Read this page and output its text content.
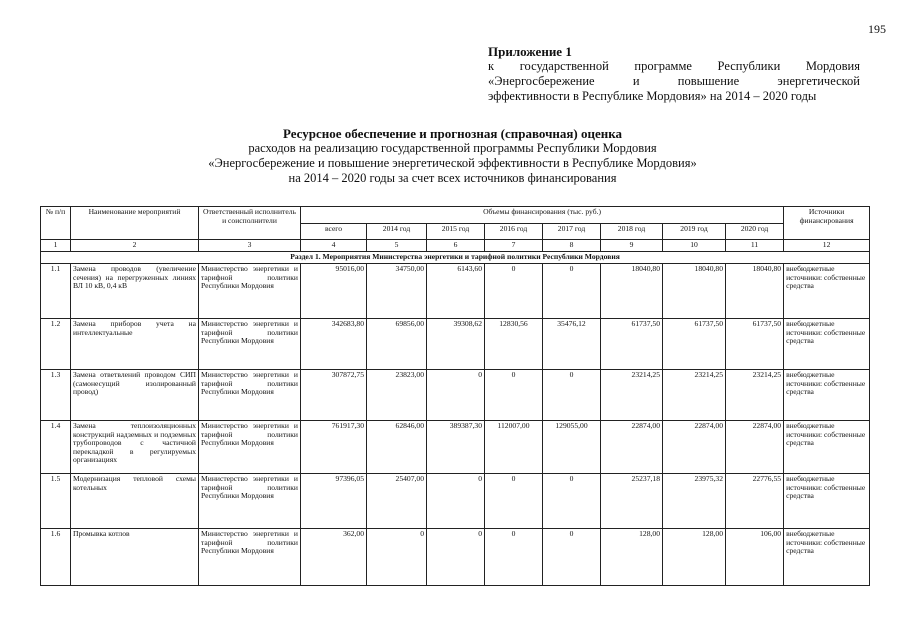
195
Приложение 1
к государственной программе Республики Мордовия
«Энергосбережение и повышение энергетической
эффективности в Республике Мордовия» на 2014 – 2020 годы
Ресурсное обеспечение и прогнозная (справочная) оценка
расходов на реализацию государственной программы Республики Мордовия
«Энергосбережение и повышение энергетической эффективности в Республике Мордовия»
на 2014 – 2020 годы за счет всех источников финансирования
№ п/п	Наименование мероприятий	Ответственный исполнитель и соисполнители	Объемы финансирования (тыс. руб.)								Источники финансирования
			всего	2014 год	2015 год	2016 год	2017 год	2018 год	2019 год	2020 год	
1	2	3	4	5	6	7	8	9	10	11	12
Раздел 1. Мероприятия Министерства энергетики и тарифной политики Республики Мордовия											
1.1	Замена проводов (увеличение сечения) на перегруженных линиях ВЛ 10 кВ, 0,4 кВ	Министерство энергетики и тарифной политики Республики Мордовия	95016,00	34750,00	6143,60	0	0	18040,80	18040,80	18040,80	внебюджетные источники: собственные средства
1.2	Замена приборов учета на интеллектуальные	Министерство энергетики и тарифной политики Республики Мордовия	342683,80	69856,00	39308,62	12830,56	35476,12	61737,50	61737,50	61737,50	внебюджетные источники: собственные средства
1.3	Замена ответвлений проводом СИП (самонесущий изолированный провод)	Министерство энергетики и тарифной политики Республики Мордовия	307872,75	23823,00	0	0	0	23214,25	23214,25	23214,25	внебюджетные источники: собственные средства
1.4	Замена теплоизоляционных конструкций надземных и подземных трубопроводов с частичной перекладкой в регулируемых организациях	Министерство энергетики и тарифной политики Республики Мордовия	761917,30	62846,00	389387,30	112007,00	129055,00	22874,00	22874,00	22874,00	внебюджетные источники: собственные средства
1.5	Модернизация тепловой схемы котельных	Министерство энергетики и тарифной политики Республики Мордовия	97396,05	25407,00	0	0	0	25237,18	23975,32	22776,55	внебюджетные источники: собственные средства
1.6	Промывка котлов	Министерство энергетики и тарифной политики Республики Мордовия	362,00	0	0	0	0	128,00	128,00	106,00	внебюджетные источники: собственные средства
